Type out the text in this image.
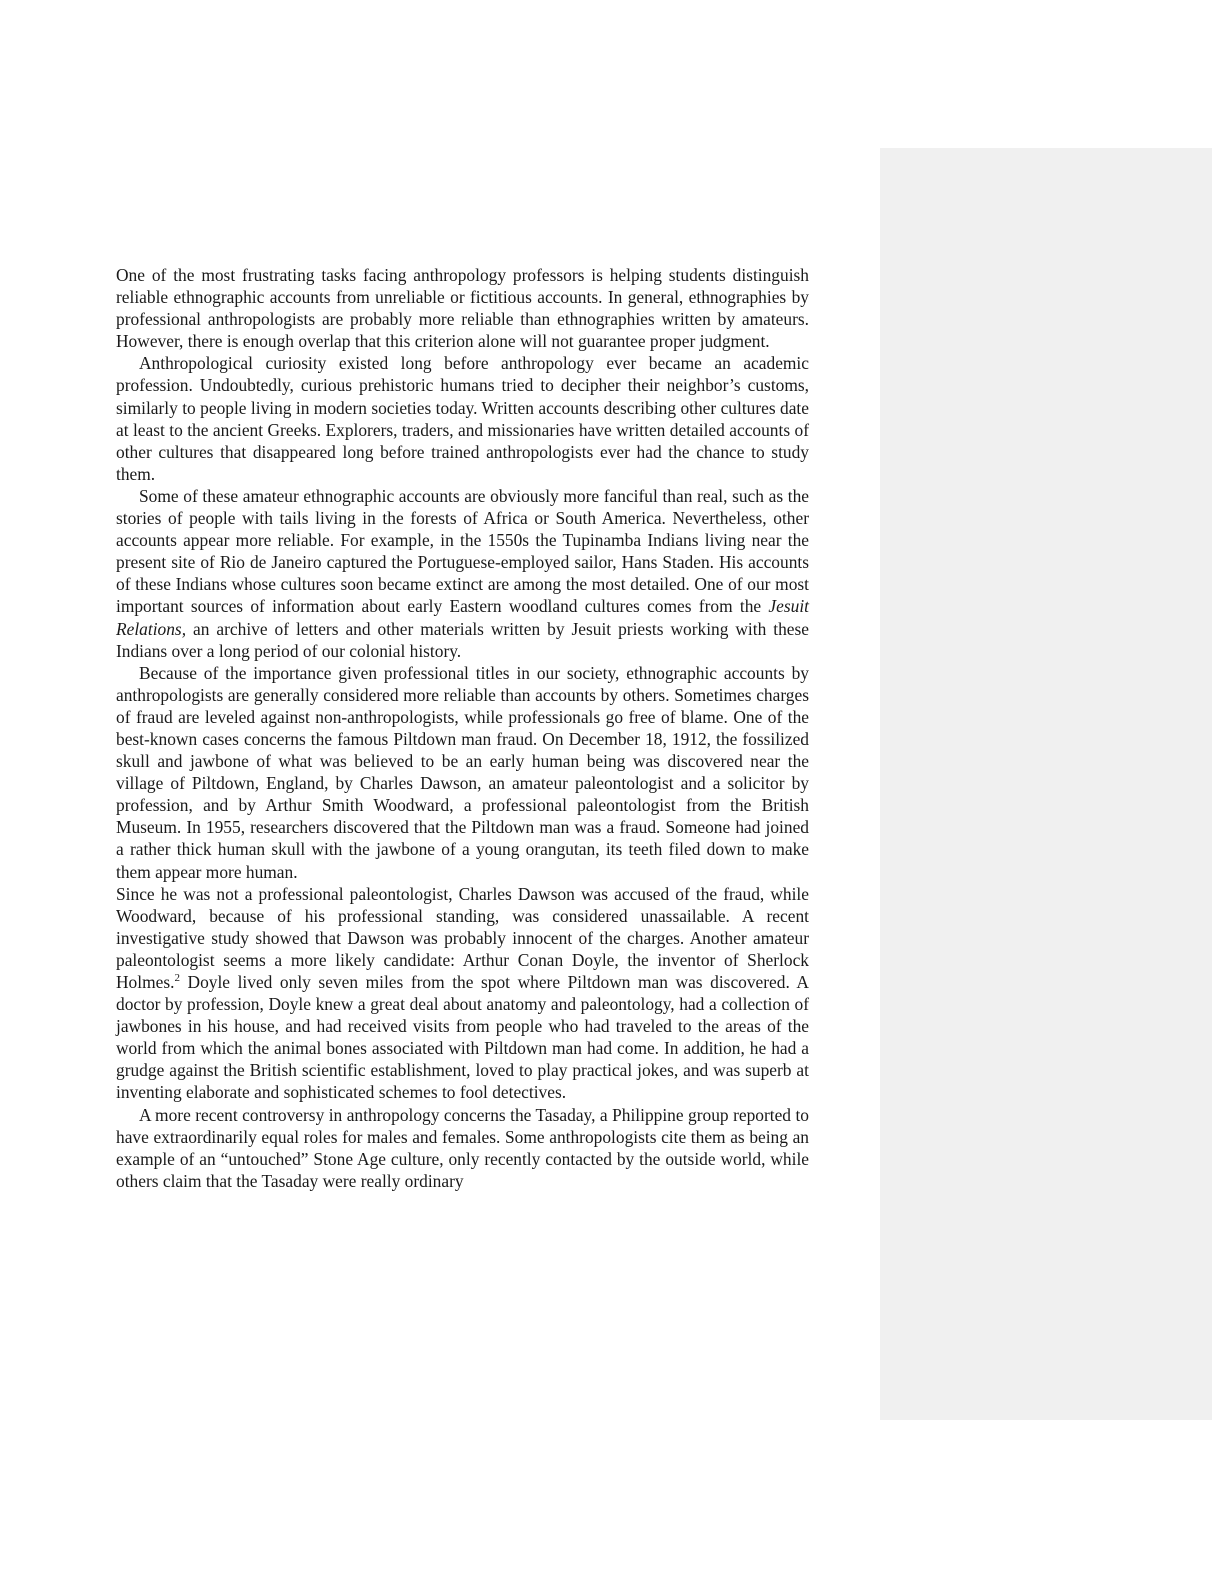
One of the most frustrating tasks facing anthropology professors is helping students distinguish reliable ethnographic accounts from unreliable or fictitious accounts. In general, ethnographies by professional anthropologists are probably more reliable than ethnographies written by amateurs. However, there is enough overlap that this criterion alone will not guarantee proper judgment.

Anthropological curiosity existed long before anthropology ever became an academic profession. Undoubtedly, curious prehistoric humans tried to decipher their neighbor’s customs, similarly to people living in modern societies today. Written accounts describing other cultures date at least to the ancient Greeks. Explorers, traders, and missionaries have written detailed accounts of other cultures that disappeared long before trained anthropologists ever had the chance to study them.

Some of these amateur ethnographic accounts are obviously more fanciful than real, such as the stories of people with tails living in the forests of Africa or South America. Nevertheless, other accounts appear more reliable. For example, in the 1550s the Tupinamba Indians living near the present site of Rio de Janeiro captured the Portuguese-employed sailor, Hans Staden. His accounts of these Indians whose cultures soon became extinct are among the most detailed. One of our most important sources of information about early Eastern woodland cultures comes from the Jesuit Relations, an archive of letters and other materials written by Jesuit priests working with these Indians over a long period of our colonial history.

Because of the importance given professional titles in our society, ethnographic accounts by anthropologists are generally considered more reliable than accounts by others. Sometimes charges of fraud are leveled against non-anthropologists, while professionals go free of blame. One of the best-known cases concerns the famous Piltdown man fraud. On December 18, 1912, the fossilized skull and jawbone of what was believed to be an early human being was discovered near the village of Piltdown, England, by Charles Dawson, an amateur paleontologist and a solicitor by profession, and by Arthur Smith Woodward, a professional paleontologist from the British Museum. In 1955, researchers discovered that the Piltdown man was a fraud. Someone had joined a rather thick human skull with the jawbone of a young orangutan, its teeth filed down to make them appear more human.

Since he was not a professional paleontologist, Charles Dawson was accused of the fraud, while Woodward, because of his professional standing, was considered unassailable. A recent investigative study showed that Dawson was probably innocent of the charges. Another amateur paleontologist seems a more likely candidate: Arthur Conan Doyle, the inventor of Sherlock Holmes.$^2$ Doyle lived only seven miles from the spot where Piltdown man was discovered. A doctor by profession, Doyle knew a great deal about anatomy and paleontology, had a collection of jawbones in his house, and had received visits from people who had traveled to the areas of the world from which the animal bones associated with Piltdown man had come. In addition, he had a grudge against the British scientific establishment, loved to play practical jokes, and was superb at inventing elaborate and sophisticated schemes to fool detectives.

A more recent controversy in anthropology concerns the Tasaday, a Philippine group reported to have extraordinarily equal roles for males and females. Some anthropologists cite them as being an example of an “untouched” Stone Age culture, only recently contacted by the outside world, while others claim that the Tasaday were really ordinary
